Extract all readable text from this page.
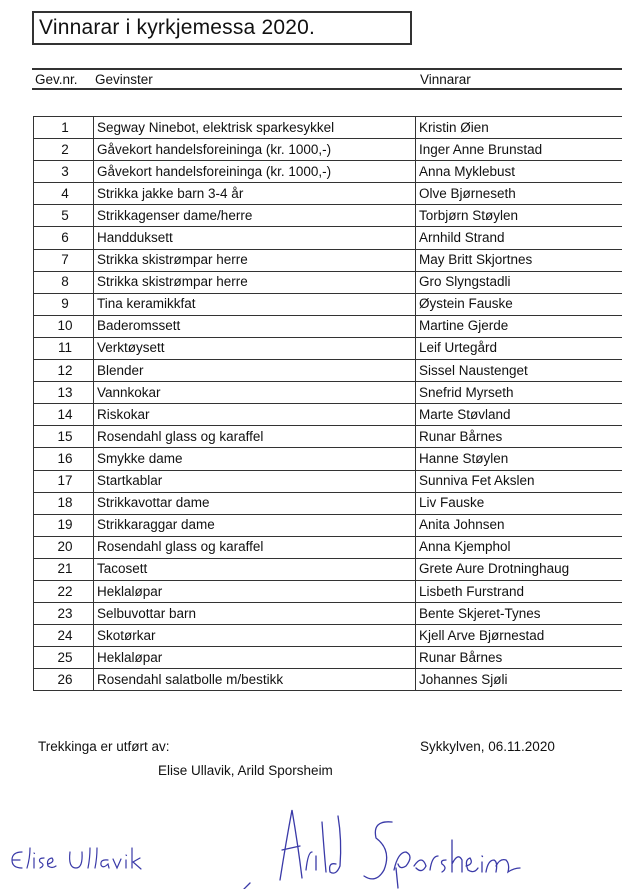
Vinnarar i kyrkjemessa 2020.
Gev.nr. Gevinster	Vinnarar
1	Segway Ninebot, elektrisk sparkesykkel	Kristin Øien
2	Gåvekort handelsforeininga (kr. 1000,-)	Inger Anne Brunstad
3	Gåvekort handelsforeininga (kr. 1000,-)	Anna Myklebust
4	Strikka jakke barn 3-4 år	Olve Bjørneseth
5	Strikkagenser dame/herre	Torbjørn Støylen
6	Handduksett	Arnhild Strand
7	Strikka skistrømpar herre	May Britt Skjortnes
8	Strikka skistrømpar herre	Gro Slyngstadli
9	Tina keramikkfat	Øystein Fauske
10	Baderomssett	Martine Gjerde
11	Verktøysett	Leif Urtegård
12	Blender	Sissel Naustenget
13	Vannkokar	Snefrid Myrseth
14	Riskokar	Marte Støvland
15	Rosendahl glass og karaffel	Runar Bårnes
16	Smykke dame	Hanne Støylen
17	Startkablar	Sunniva Fet Akslen
18	Strikkavottar dame	Liv Fauske
19	Strikkaraggar dame	Anita Johnsen
20	Rosendahl glass og karaffel	Anna Kjemphol
21	Tacosett	Grete Aure Drotninghaug
22	Heklaløpar	Lisbeth Furstrand
23	Selbuvottar barn	Bente Skjeret-Tynes
24	Skotørkar	Kjell Arve Bjørnestad
25	Heklaløpar	Runar Bårnes
26	Rosendahl salatbolle m/bestikk	Johannes Sjøli
Trekkinga er utført av:	Sykkylven, 06.11.2020
Elise Ullavik, Arild Sporsheim
